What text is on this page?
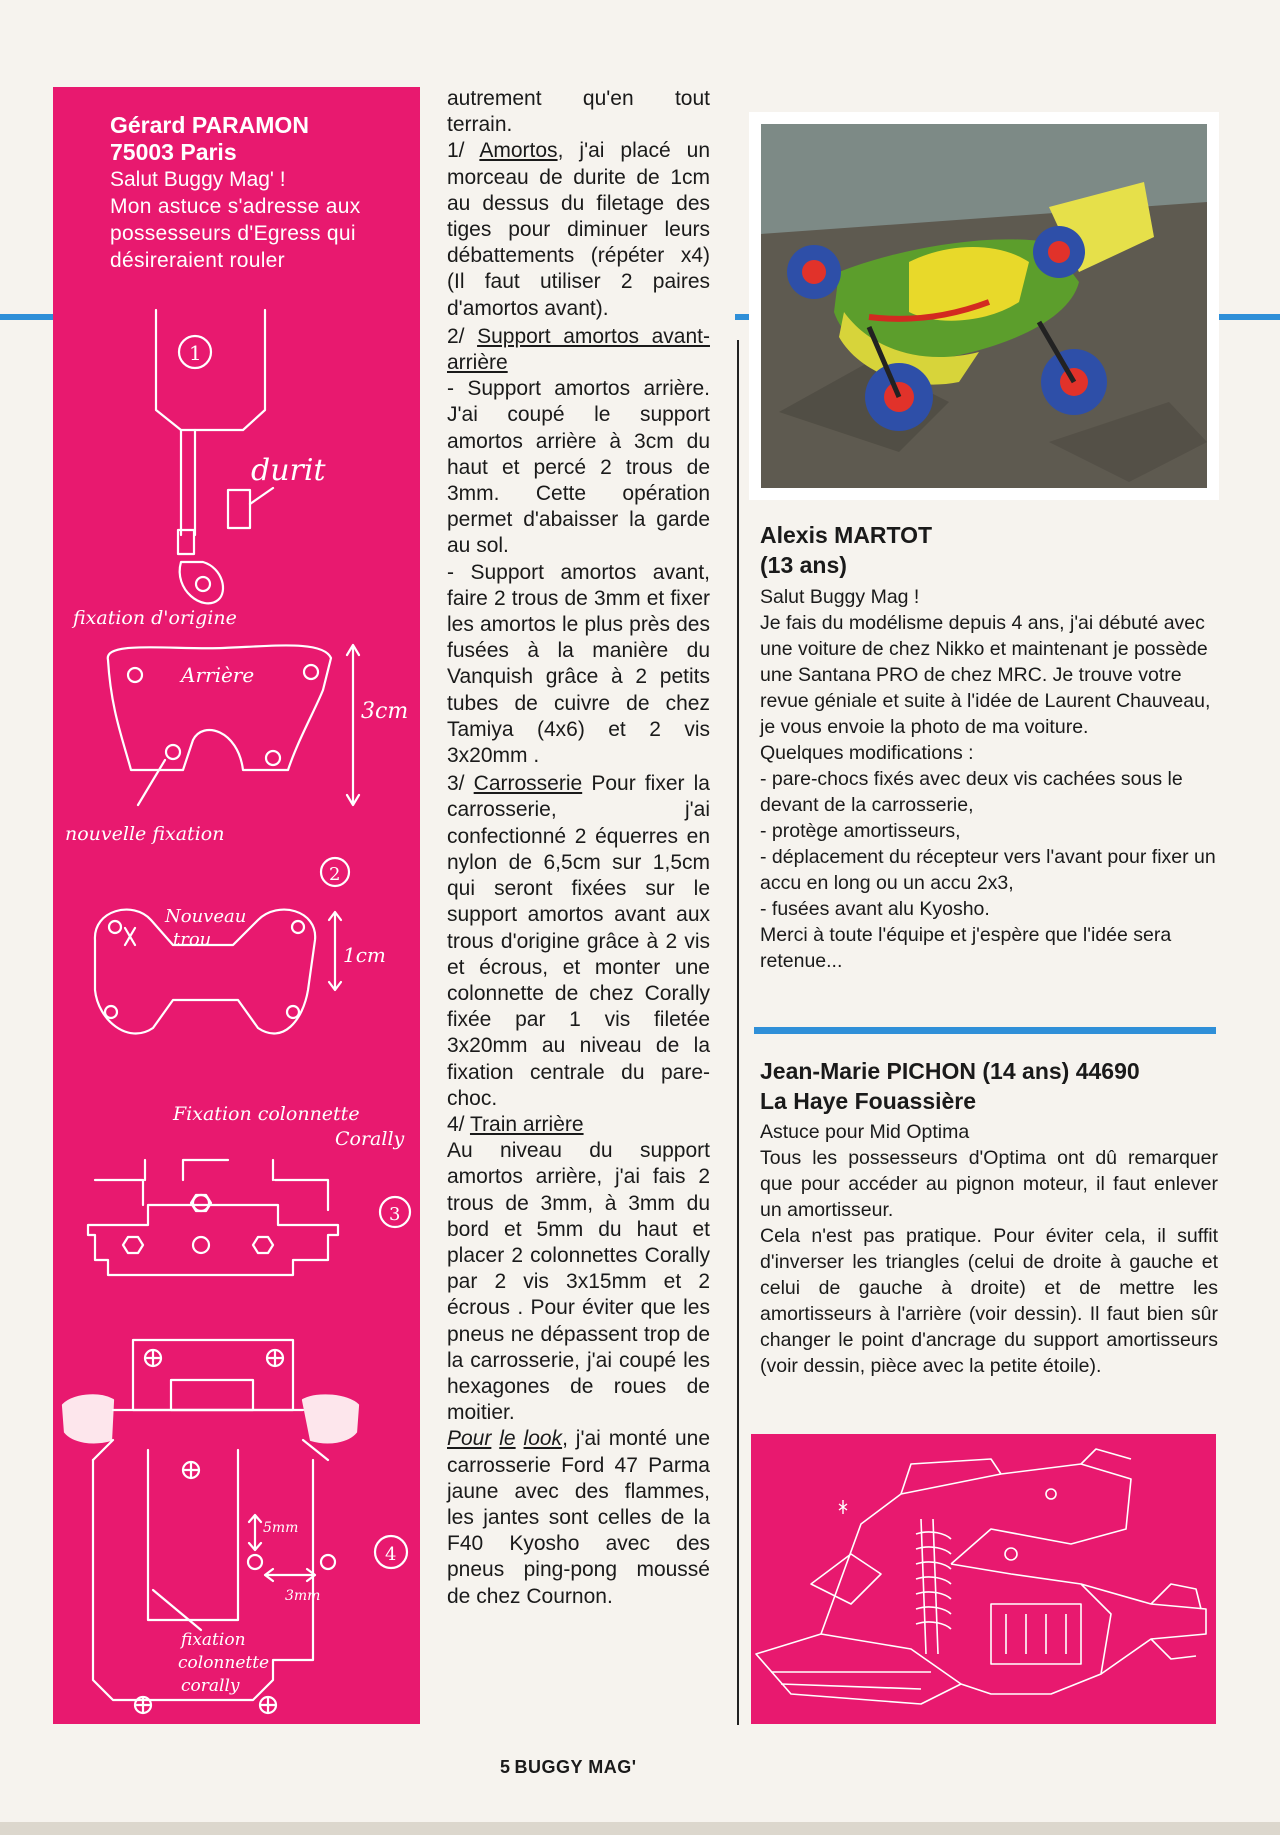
Gérard PARAMON
75003 Paris
Salut Buggy Mag' !
Mon astuce s'adresse aux possesseurs d'Egress qui désireraient rouler
1
durit
fixation d'origine
Arrière
3cm
nouvelle fixation
2
Nouveau
trou
1cm
Fixation colonnette
Corally
3
5mm
3mm
4
fixation
colonnette
corally

autrement qu'en tout terrain.

1/ Amortos, j'ai placé un morceau de durite de 1cm au dessus du filetage des tiges pour diminuer leurs débattements (répéter x4) (Il faut utiliser 2 paires d'amortos avant).

2/ Support amortos avant-arrière

- Support amortos arrière. J'ai coupé le support amortos arrière à 3cm du haut et percé 2 trous de 3mm. Cette opération permet d'abaisser la garde au sol.

- Support amortos avant, faire 2 trous de 3mm et fixer les amortos le plus près des fusées à la manière du Vanquish grâce à 2 petits tubes de cuivre de chez Tamiya (4x6) et 2 vis 3x20mm .

3/ Carrosserie Pour fixer la carrosserie, j'ai confectionné 2 équerres en nylon de 6,5cm sur 1,5cm qui seront fixées sur le support amortos avant aux trous d'origine grâce à 2 vis et écrous, et monter une colonnette de chez Corally fixée par 1 vis filetée 3x20mm au niveau de la fixation centrale du pare-choc.

4/ Train arrière

Au niveau du support amortos arrière, j'ai fais 2 trous de 3mm, à 3mm du bord et 5mm du haut et placer 2 colonnettes Corally par 2 vis 3x15mm et 2 écrous . Pour éviter que les pneus ne dépassent trop de la carrosserie, j'ai coupé les hexagones de roues de moitier.

Pour le look, j'ai monté une carrosserie Ford 47 Parma jaune avec des flammes, les jantes sont celles de la F40 Kyosho avec des pneus ping-pong moussé de chez Cournon.

Alexis MARTOT

(13 ans)

Salut Buggy Mag !

Je fais du modélisme depuis 4 ans, j'ai débuté avec une voiture de chez Nikko et maintenant je possède une Santana PRO de chez MRC. Je trouve votre revue géniale et suite à l'idée de Laurent Chauveau, je vous envoie la photo de ma voiture.

Quelques modifications :

- pare-chocs fixés avec deux vis cachées sous le devant de la carrosserie,

- protège amortisseurs,

- déplacement du récepteur vers l'avant pour fixer un accu en long ou un accu 2x3,

- fusées avant alu Kyosho.

Merci à toute l'équipe et j'espère que l'idée sera retenue...

Jean-Marie PICHON (14 ans) 44690

La Haye Fouassière

Astuce pour Mid Optima

Tous les possesseurs d'Optima ont dû remarquer que pour accéder au pignon moteur, il faut enlever un amortisseur.

Cela n'est pas pratique. Pour éviter cela, il suffit d'inverser les triangles (celui de droite à gauche et celui de gauche à droite) et de mettre les amortisseurs à l'arrière (voir dessin). Il faut bien sûr changer le point d'ancrage du support amortisseurs (voir dessin, pièce avec la petite étoile).

5 BUGGY MAG'
